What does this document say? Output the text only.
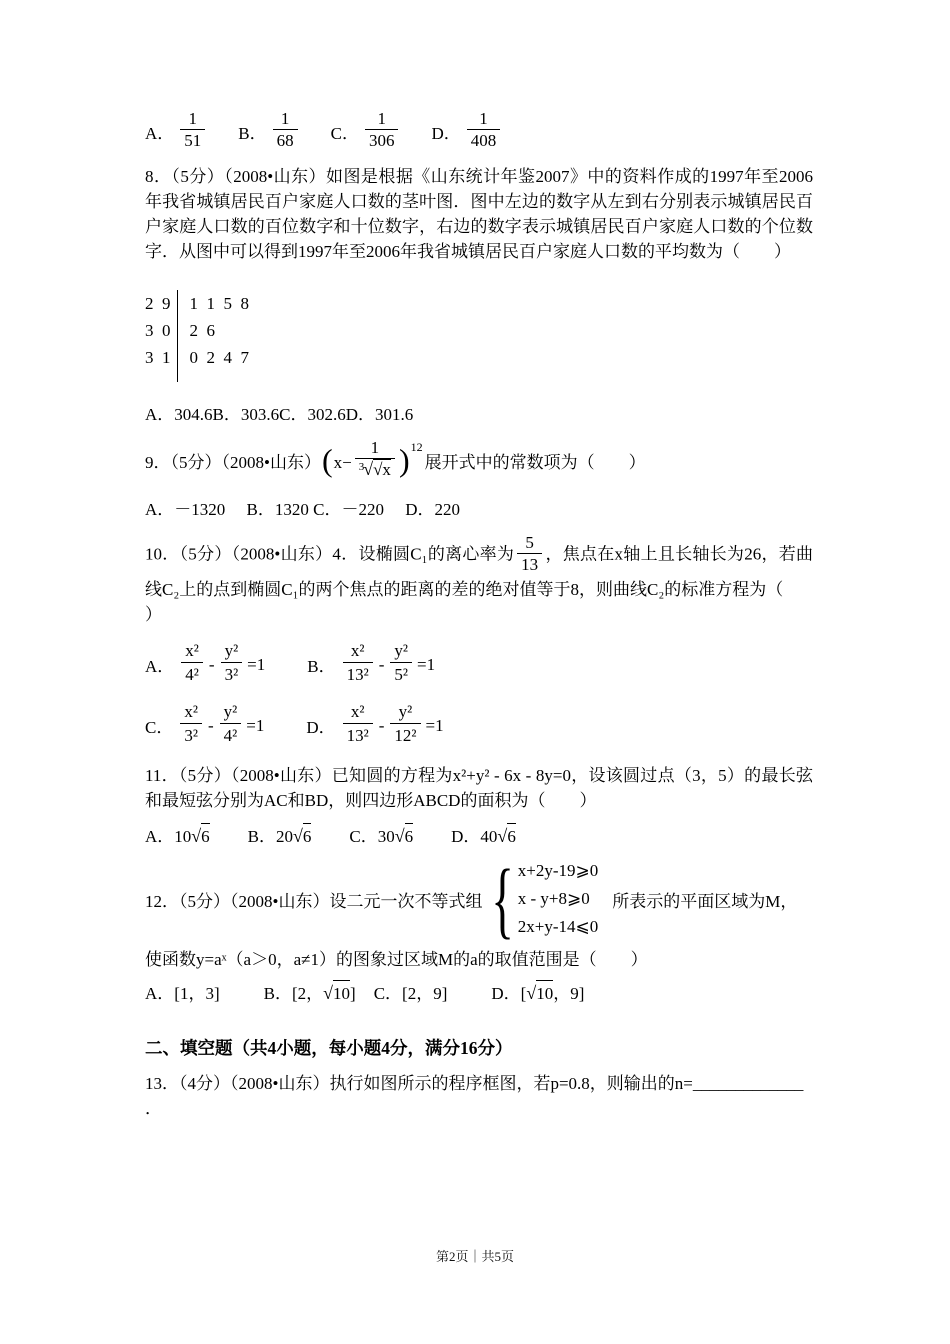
A． $\frac{1}{51}$ B． $\frac{1}{68}$ C． $\frac{1}{306}$ D． $\frac{1}{408}$

8．（5分）（2008•山东）如图是根据《山东统计年鉴2007》中的资料作成的1997年至2006年我省城镇居民百户家庭人口数的茎叶图．图中左边的数字从左到右分别表示城镇居民百户家庭人口数的百位数字和十位数字，右边的数字表示城镇居民百户家庭人口数的个位数字．从图中可以得到1997年至2006年我省城镇居民百户家庭人口数的平均数为（　　）

2  9
3  0
3  1
1  1  5  8
2  6
0  2  4  7

A．304.6B．303.6C．302.6D．301.6

9．（5分）（2008•山东） ( $x- \frac{1}{3√√x}$ ) 12
展开式中的常数项为（　　）

A．－1320　 B．1320 C．－220　 D．220

10．（5分）（2008•山东）4．设椭圆C₁的离心率为 $\frac{5}{13}$ ，焦点在x轴上且长轴长为26，若曲线C₂上的点到椭圆C₁的两个焦点的距离的差的绝对值等于8，则曲线C₂的标准方程为（

）
A． $\frac{\text{x²}}{\text{4²}} - \frac{\text{y²}}{\text{3²}} =1$ B． $\frac{\text{x²}}{\text{13²}} - \frac{\text{y²}}{\text{5²}} =1$
C． $\frac{\text{x²}}{\text{3²}} - \frac{\text{y²}}{\text{4²}} =1$ D． $\frac{\text{x²}}{\text{13²}} - \frac{\text{y²}}{\text{12²}} =1$

11．（5分）（2008•山东）已知圆的方程为x²+y² - 6x - 8y=0，设该圆过点（3，5）的最长弦和最短弦分别为AC和BD，则四边形ABCD的面积为（　　）

A． 10 √ 6 B． 20 √ 6 C． 30 √ 6 D． 40 √ 6
12．（5分）（2008•山东）设二元一次不等式组 { x+2y-19⩾0
x - y+8⩾0
2x+y-14⩽0
所表示的平面区域为M，

使函数y=aˣ（a＞0，a≠1）的图象过区域M的a的取值范围是（　　）

A． [1，3]	B． [2， √ 10 ] C． [2，9]	D． [ √ 10 ，9]
二、填空题（共4小题，每小题4分，满分16分）

13．（4分）（2008•山东）执行如图所示的程序框图，若p=0.8，则输出的n=_____________

．

第2页｜共5页
